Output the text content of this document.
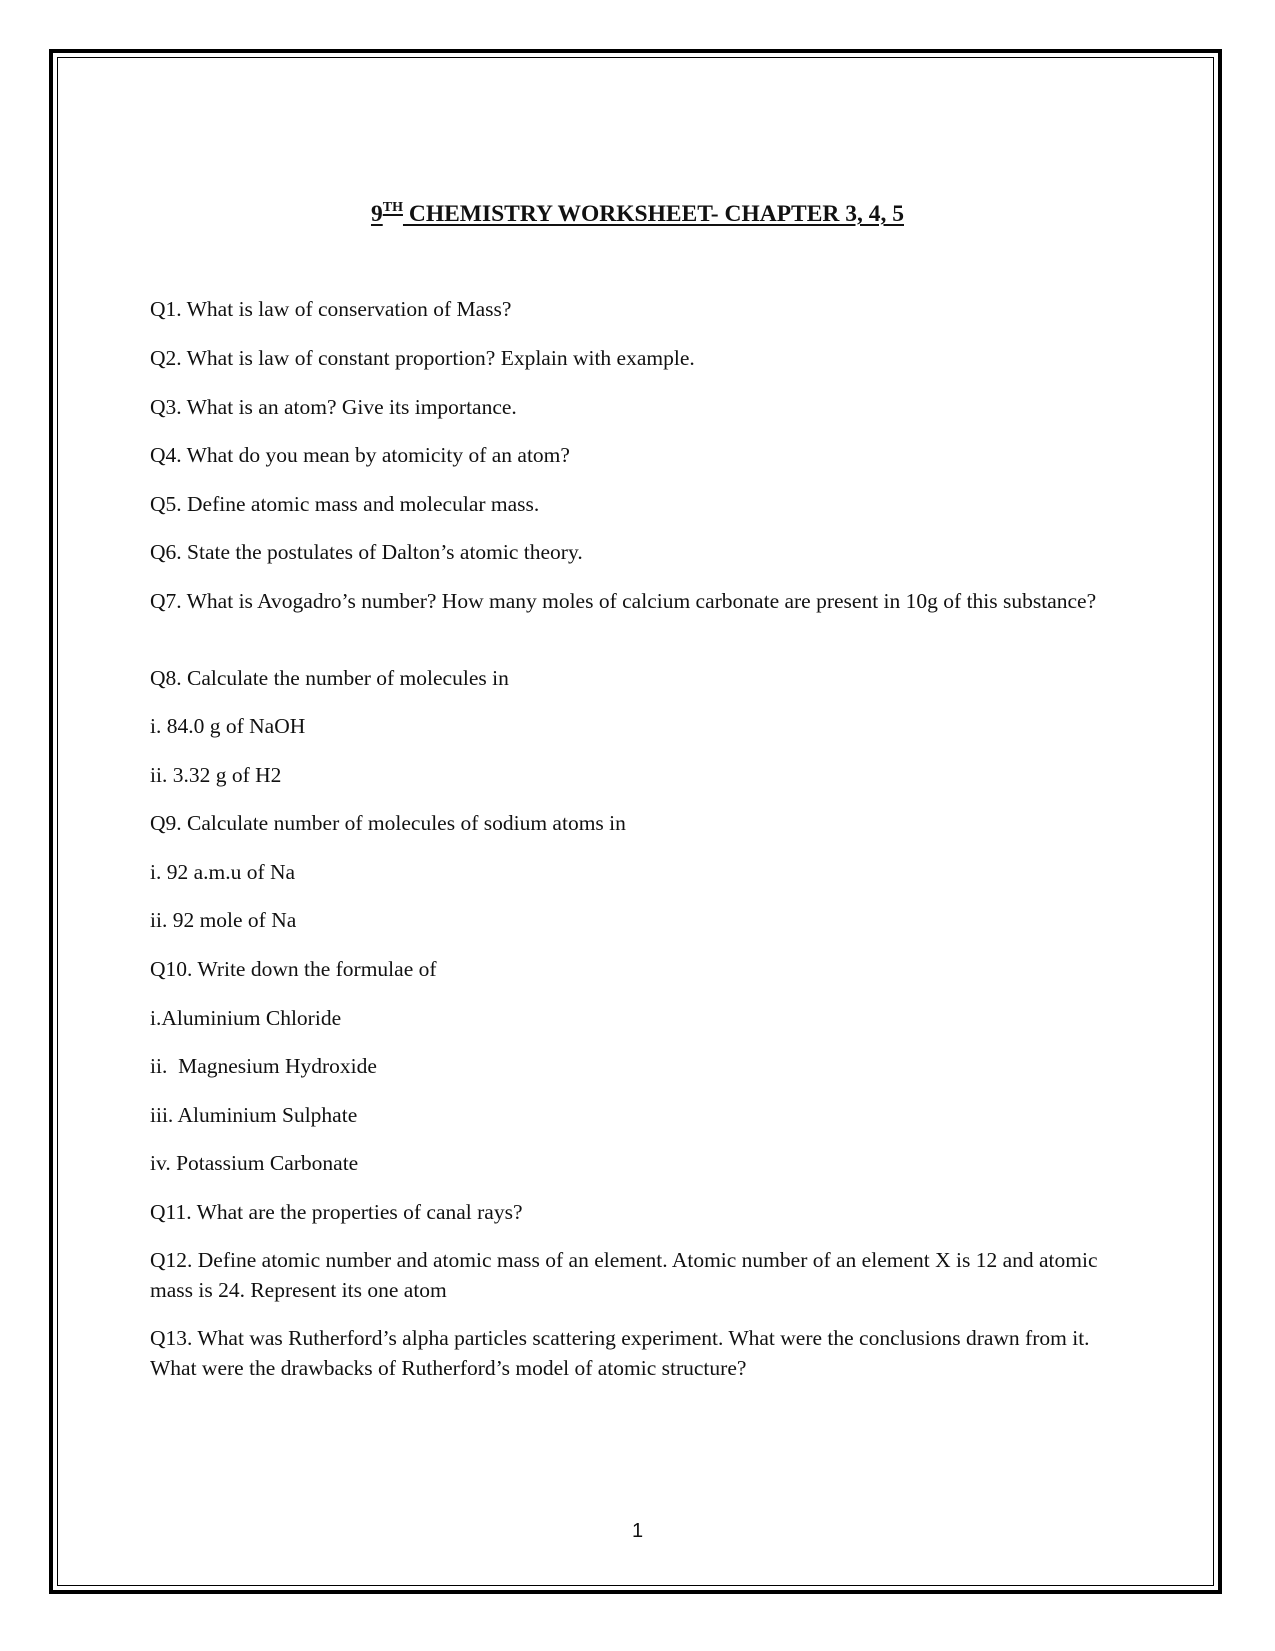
9TH CHEMISTRY WORKSHEET- CHAPTER 3, 4, 5
Q1. What is law of conservation of Mass?
Q2. What is law of constant proportion? Explain with example.
Q3. What is an atom? Give its importance.
Q4. What do you mean by atomicity of an atom?
Q5. Define atomic mass and molecular mass.
Q6. State the postulates of Dalton’s atomic theory.
Q7. What is Avogadro’s number? How many moles of calcium carbonate are present in 10g of this substance?
Q8. Calculate the number of molecules in
i. 84.0 g of NaOH
ii. 3.32 g of H2
Q9. Calculate number of molecules of sodium atoms in
i. 92 a.m.u of Na
ii. 92 mole of Na
Q10. Write down the formulae of
i.Aluminium Chloride
ii.  Magnesium Hydroxide
iii. Aluminium Sulphate
iv. Potassium Carbonate
Q11. What are the properties of canal rays?
Q12. Define atomic number and atomic mass of an element. Atomic number of an element X is 12 and atomic mass is 24. Represent its one atom
Q13. What was Rutherford’s alpha particles scattering experiment. What were the conclusions drawn from it. What were the drawbacks of Rutherford’s model of atomic structure?
1
